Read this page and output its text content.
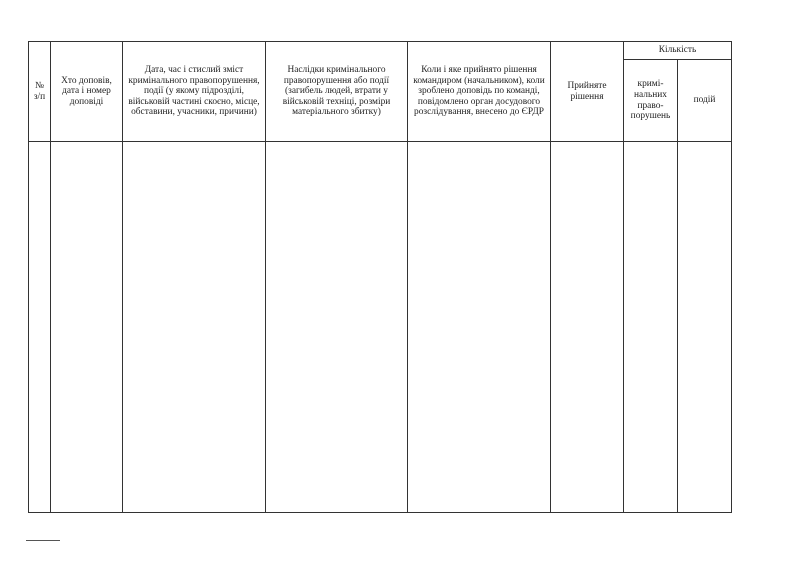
№ з/п	Хто доповів, дата і номер доповіді	Дата, час і стислий зміст кримінального правопорушення, події (у якому підрозділі, військовій частині скоєно, місце, обставини, учасники, причини)	Наслідки кримінального правопорушення або події (загибель людей, втрати у військовій техніці, розміри матеріального збитку)	Коли і яке прийнято рішення командиром (начальником), коли зроблено доповідь по команді, повідомлено орган досудового розслідування, внесено до ЄРДР	Прийняте рішення	Кількість	
						кримі-нальних право-порушень	подій
